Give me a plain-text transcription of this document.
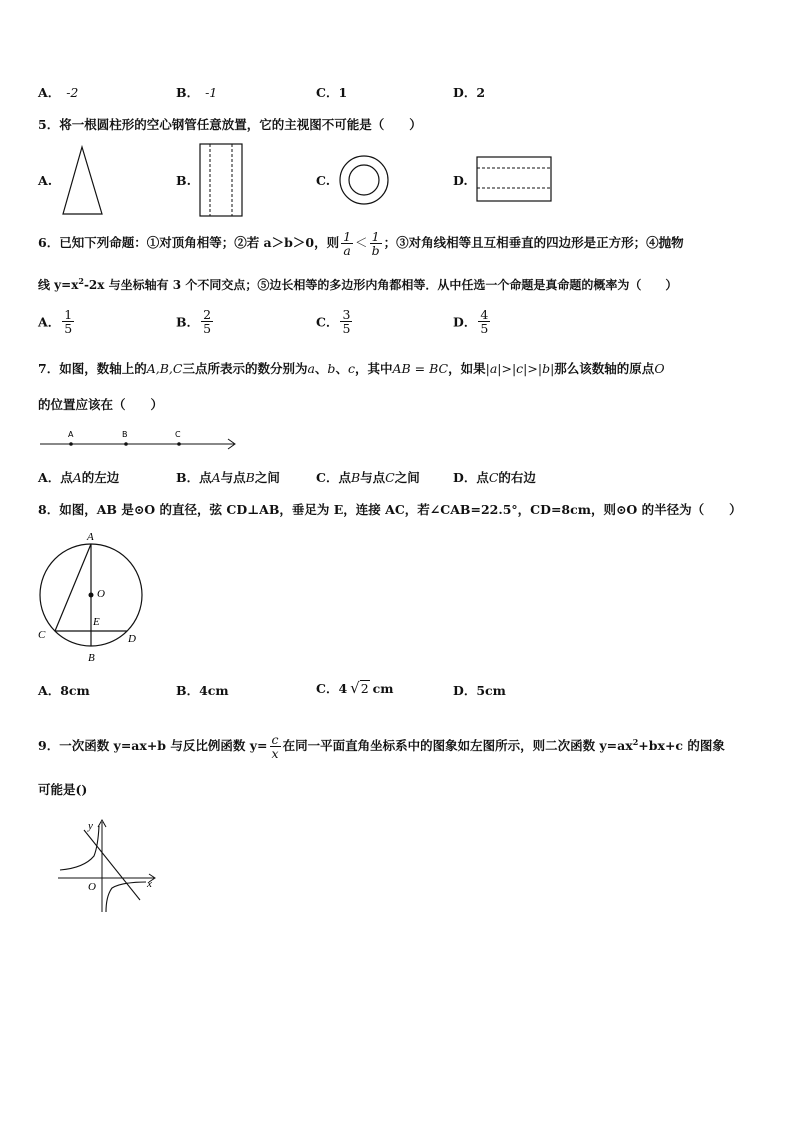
A． -2	B． -1	C．1	D．2
5．将一根圆柱形的空心钢管任意放置，它的主视图不可能是（　　）
A.	B.	C.	D.
6．已知下列命题：①对顶角相等；②若 a＞b＞0，则 $\frac{1}{a} < \frac{1}{b}$ ；③对角线相等且互相垂直的四边形是正方形；④抛物
线 $y=x^2-2x$ 与坐标轴有 3 个不同交点；⑤边长相等的多边形内角都相等．从中任选一个命题是真命题的概率为（　　）
A． $\frac{1}{5}$	B． $\frac{2}{5}$	C． $\frac{3}{5}$	D． $\frac{4}{5}$
7．如图，数轴上的A,B,C三点所表示的数分别为a、b、c，其中AB = BC，如果|a|>|c|>|b|那么该数轴的原点O
的位置应该在（　　）
A	B	C
A．点A的左边	B．点A与点B之间	C．点B与点C之间	D．点C的右边
8．如图，AB 是⊙O 的直径，弦 CD⊥AB，垂足为 E，连接 AC，若∠CAB=22.5°，CD=8cm，则⊙O 的半径为（　　）
A
O
E
C	D
B
A．8cm	B．4cm	C．4 √2 cm	D．5cm
9．一次函数 y=ax+b 与反比例函数 $y= \frac{c}{x}$ 在同一平面直角坐标系中的图象如左图所示，则二次函数 $y=ax^2+bx+c$ 的图象
可能是()
y
x
O
